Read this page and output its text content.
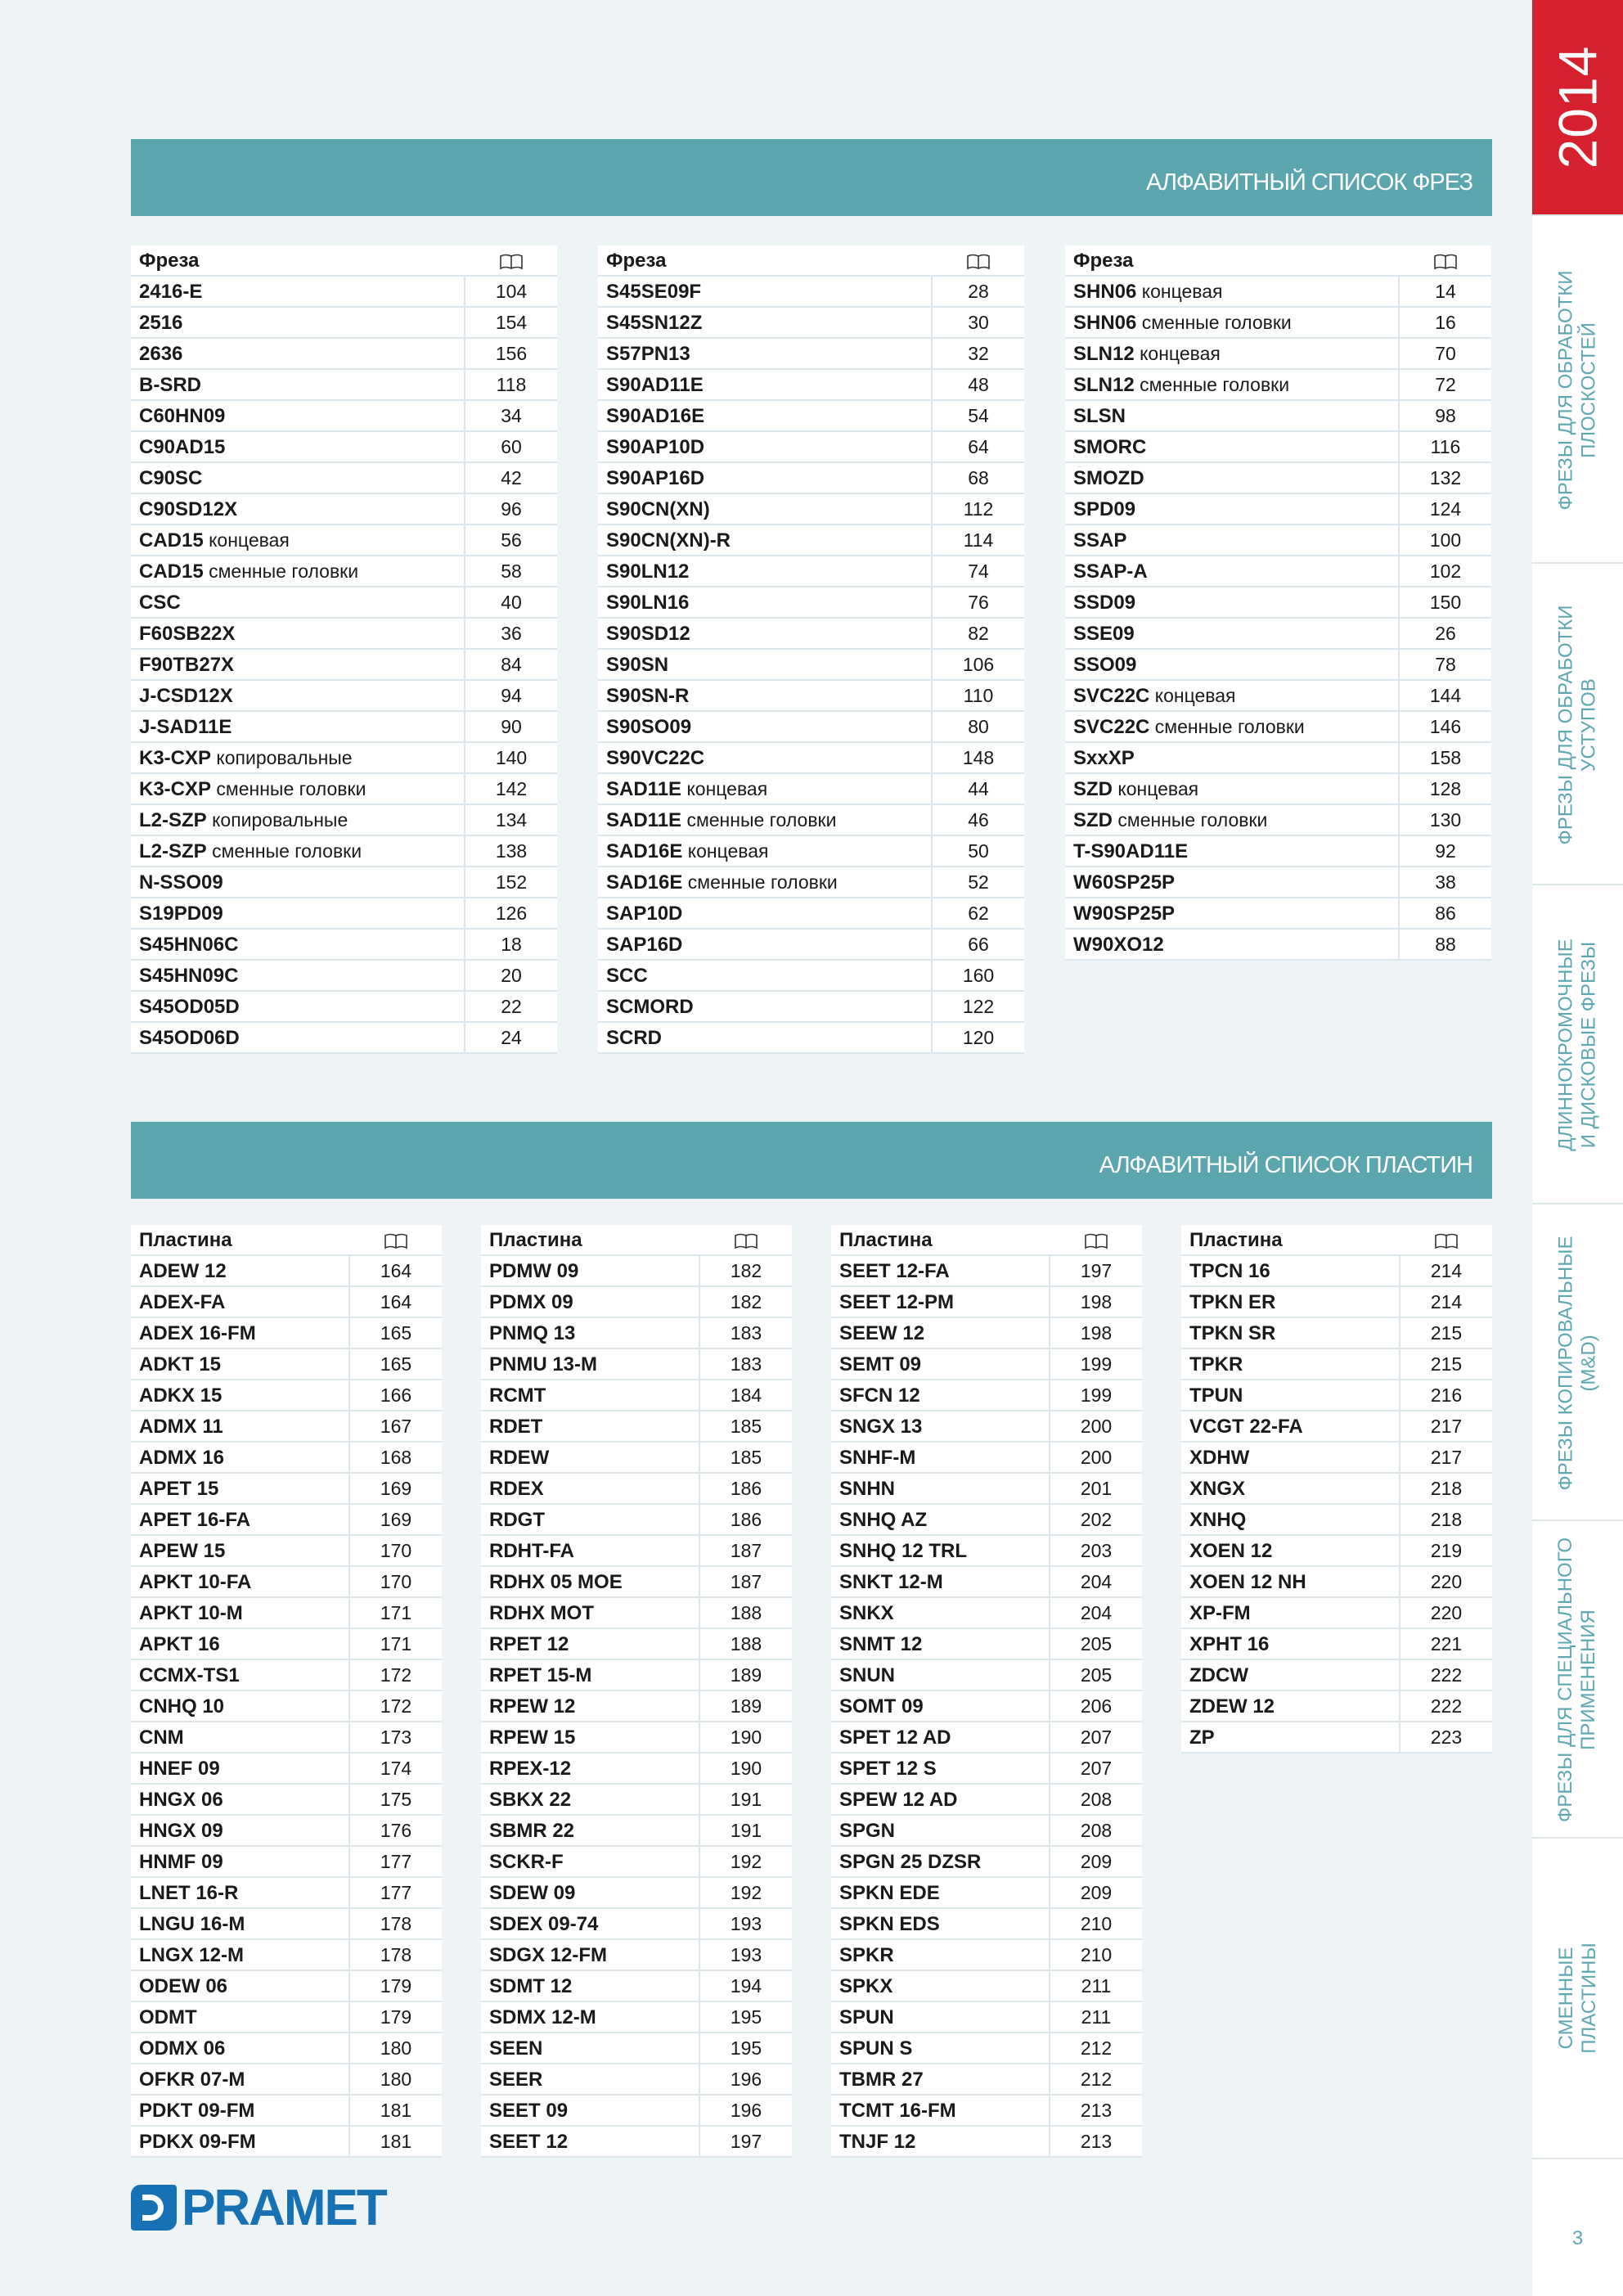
2014
ФРЕЗЫ ДЛЯ ОБРАБОТКИ ПЛОСКОСТЕЙ
ФРЕЗЫ ДЛЯ ОБРАБОТКИ УСТУПОВ
ДЛИННОКРОМОЧНЫЕ И ДИСКОВЫЕ ФРЕЗЫ
ФРЕЗЫ КОПИРОВАЛЬНЫЕ (M&D)
ФРЕЗЫ ДЛЯ СПЕЦИАЛЬНОГО ПРИМЕНЕНИЯ
СМЕННЫЕ ПЛАСТИНЫ
3
АЛФАВИТНЫЙ СПИСОК ФРЕЗ
Фреза
2416-E	104
2516	154
2636	156
B-SRD	118
C60HN09	34
C90AD15	60
C90SC	42
C90SD12X	96
CAD15 концевая	56
CAD15 сменные головки	58
CSC	40
F60SB22X	36
F90TB27X	84
J-CSD12X	94
J-SAD11E	90
K3-CXP копировальные	140
K3-CXP сменные головки	142
L2-SZP копировальные	134
L2-SZP сменные головки	138
N-SSO09	152
S19PD09	126
S45HN06C	18
S45HN09C	20
S45OD05D	22
S45OD06D	24
Фреза
S45SE09F	28
S45SN12Z	30
S57PN13	32
S90AD11E	48
S90AD16E	54
S90AP10D	64
S90AP16D	68
S90CN(XN)	112
S90CN(XN)-R	114
S90LN12	74
S90LN16	76
S90SD12	82
S90SN	106
S90SN-R	110
S90SO09	80
S90VC22C	148
SAD11E концевая	44
SAD11E сменные головки	46
SAD16E концевая	50
SAD16E сменные головки	52
SAP10D	62
SAP16D	66
SCC	160
SCMORD	122
SCRD	120
Фреза
SHN06 концевая	14
SHN06 сменные головки	16
SLN12 концевая	70
SLN12 сменные головки	72
SLSN	98
SMORC	116
SMOZD	132
SPD09	124
SSAP	100
SSAP-A	102
SSD09	150
SSE09	26
SSO09	78
SVC22C концевая	144
SVC22C сменные головки	146
SxxXP	158
SZD концевая	128
SZD сменные головки	130
T-S90AD11E	92
W60SP25P	38
W90SP25P	86
W90XO12	88
АЛФАВИТНЫЙ СПИСОК ПЛАСТИН
Пластина
ADEW 12	164
ADEX-FA	164
ADEX 16-FM	165
ADKT 15	165
ADKX 15	166
ADMX 11	167
ADMX 16	168
APET 15	169
APET 16-FA	169
APEW 15	170
APKT 10-FA	170
APKT 10-M	171
APKT 16	171
CCMX-TS1	172
CNHQ 10	172
CNM	173
HNEF 09	174
HNGX 06	175
HNGX 09	176
HNMF 09	177
LNET 16-R	177
LNGU 16-M	178
LNGX 12-M	178
ODEW 06	179
ODMT	179
ODMX 06	180
OFKR 07-M	180
PDKT 09-FM	181
PDKX 09-FM	181
Пластина
PDMW 09	182
PDMX 09	182
PNMQ 13	183
PNMU 13-M	183
RCMT	184
RDET	185
RDEW	185
RDEX	186
RDGT	186
RDHT-FA	187
RDHX 05 MOE	187
RDHX MOT	188
RPET 12	188
RPET 15-M	189
RPEW 12	189
RPEW 15	190
RPEX-12	190
SBKX 22	191
SBMR 22	191
SCKR-F	192
SDEW 09	192
SDEX 09-74	193
SDGX 12-FM	193
SDMT 12	194
SDMX 12-M	195
SEEN	195
SEER	196
SEET 09	196
SEET 12	197
Пластина
SEET 12-FA	197
SEET 12-PM	198
SEEW 12	198
SEMT 09	199
SFCN 12	199
SNGX 13	200
SNHF-M	200
SNHN	201
SNHQ AZ	202
SNHQ 12 TRL	203
SNKT 12-M	204
SNKX	204
SNMT 12	205
SNUN	205
SOMT 09	206
SPET 12 AD	207
SPET 12 S	207
SPEW 12 AD	208
SPGN	208
SPGN 25 DZSR	209
SPKN EDE	209
SPKN EDS	210
SPKR	210
SPKX	211
SPUN	211
SPUN S	212
TBMR 27	212
TCMT 16-FM	213
TNJF 12	213
Пластина
TPCN 16	214
TPKN ER	214
TPKN SR	215
TPKR	215
TPUN	216
VCGT 22-FA	217
XDHW	217
XNGX	218
XNHQ	218
XOEN 12	219
XOEN 12 NH	220
XP-FM	220
XPHT 16	221
ZDCW	222
ZDEW 12	222
ZP	223
PRAMET
